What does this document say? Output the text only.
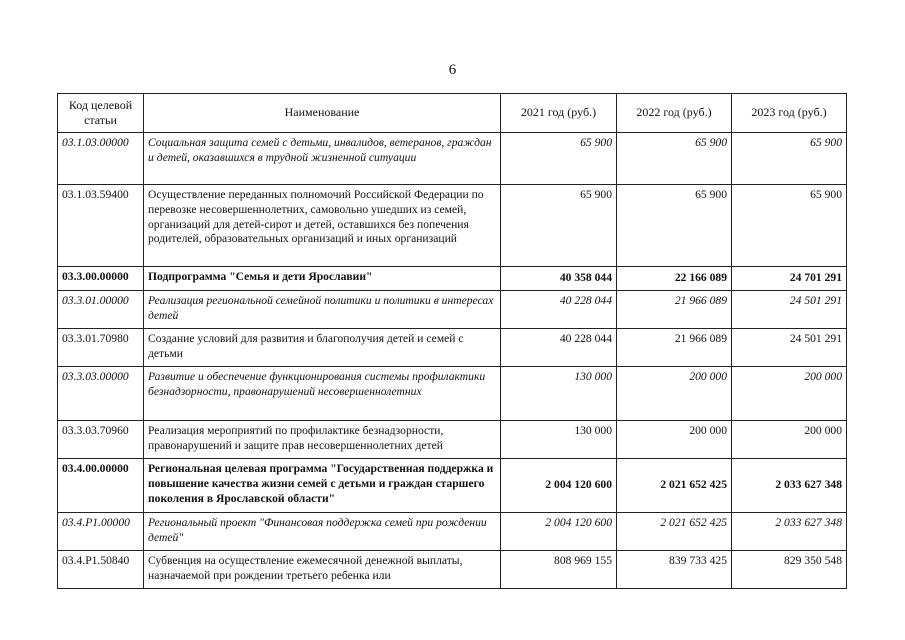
6
Код целевой статьи	Наименование	2021 год (руб.)	2022 год (руб.)	2023 год (руб.)
03.1.03.00000	Социальная защита семей с детьми, инвалидов, ветеранов, граждан и детей, оказавшихся в трудной жизненной ситуации	65 900	65 900	65 900
03.1.03.59400	Осуществление переданных полномочий Российской Федерации по перевозке несовершеннолетних, самовольно ушедших из семей, организаций для детей-сирот и детей, оставшихся без попечения родителей, образовательных организаций и иных организаций	65 900	65 900	65 900
03.3.00.00000	Подпрограмма "Семья и дети Ярославии"	40 358 044	22 166 089	24 701 291
03.3.01.00000	Реализация региональной семейной политики и политики в интересах детей	40 228 044	21 966 089	24 501 291
03.3.01.70980	Создание условий для развития и благополучия детей и семей с детьми	40 228 044	21 966 089	24 501 291
03.3.03.00000	Развитие и обеспечение функционирования системы профилактики безнадзорности, правонарушений несовершеннолетних	130 000	200 000	200 000
03.3.03.70960	Реализация мероприятий по профилактике безнадзорности, правонарушений и защите прав несовершеннолетних детей	130 000	200 000	200 000
03.4.00.00000	Региональная целевая программа "Государственная поддержка и повышение качества жизни семей с детьми и граждан старшего поколения в Ярославской области"	2 004 120 600	2 021 652 425	2 033 627 348
03.4.P1.00000	Региональный проект "Финансовая поддержка семей при рождении детей"	2 004 120 600	2 021 652 425	2 033 627 348
03.4.P1.50840	Субвенция на осуществление ежемесячной денежной выплаты, назначаемой при рождении третьего ребенка или	808 969 155	839 733 425	829 350 548
